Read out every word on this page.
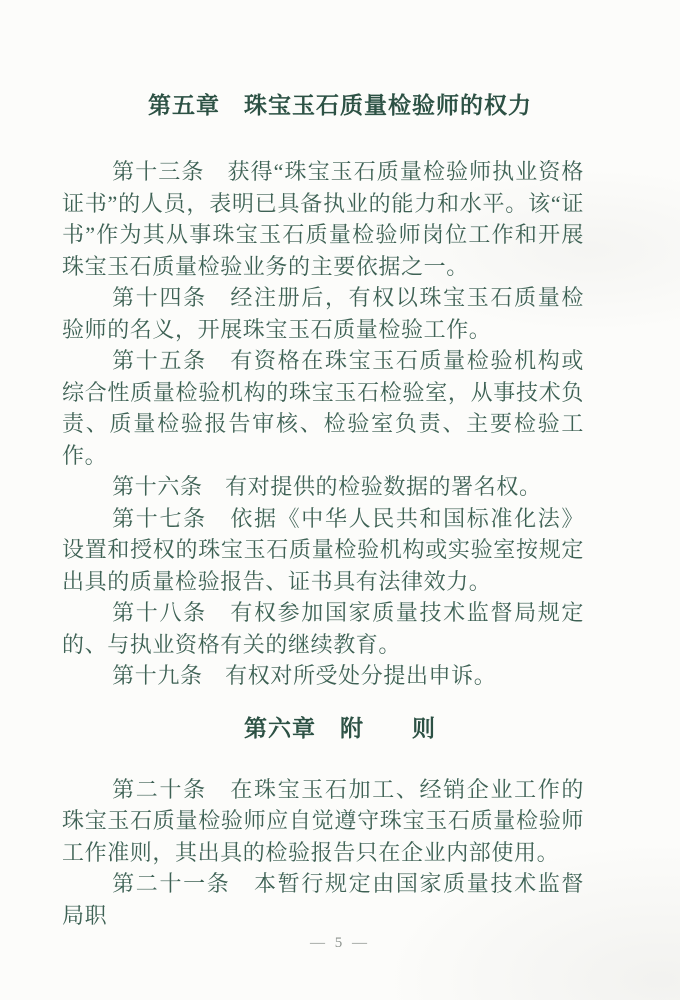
第五章　珠宝玉石质量检验师的权力

第十三条　获得“珠宝玉石质量检验师执业资格证书”的人员，表明已具备执业的能力和水平。该“证书”作为其从事珠宝玉石质量检验师岗位工作和开展珠宝玉石质量检验业务的主要依据之一。

第十四条　经注册后，有权以珠宝玉石质量检验师的名义，开展珠宝玉石质量检验工作。

第十五条　有资格在珠宝玉石质量检验机构或综合性质量检验机构的珠宝玉石检验室，从事技术负责、质量检验报告审核、检验室负责、主要检验工作。

第十六条　有对提供的检验数据的署名权。

第十七条　依据《中华人民共和国标准化法》设置和授权的珠宝玉石质量检验机构或实验室按规定出具的质量检验报告、证书具有法律效力。

第十八条　有权参加国家质量技术监督局规定的、与执业资格有关的继续教育。

第十九条　有权对所受处分提出申诉。

第六章　附　　则

第二十条　在珠宝玉石加工、经销企业工作的珠宝玉石质量检验师应自觉遵守珠宝玉石质量检验师工作准则，其出具的检验报告只在企业内部使用。

第二十一条　本暂行规定由国家质量技术监督局职

— 5 —
